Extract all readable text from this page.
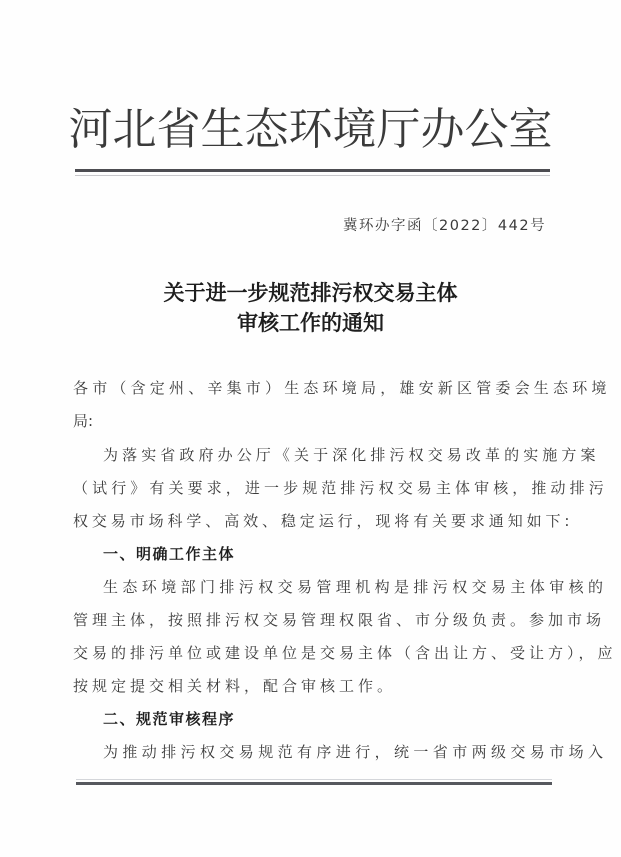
河北省生态环境厅办公室
冀环办字函〔2022〕442号
关于进一步规范排污权交易主体
审核工作的通知
各市（含定州、辛集市）生态环境局，雄安新区管委会生态环境
局:
为落实省政府办公厅《关于深化排污权交易改革的实施方案
（试行》有关要求，进一步规范排污权交易主体审核，推动排污
权交易市场科学、高效、稳定运行，现将有关要求通知如下:
一、明确工作主体
生态环境部门排污权交易管理机构是排污权交易主体审核的
管理主体，按照排污权交易管理权限省、市分级负责。参加市场
交易的排污单位或建设单位是交易主体（含出让方、受让方），应
按规定提交相关材料，配合审核工作。
二、规范审核程序
为推动排污权交易规范有序进行，统一省市两级交易市场入
